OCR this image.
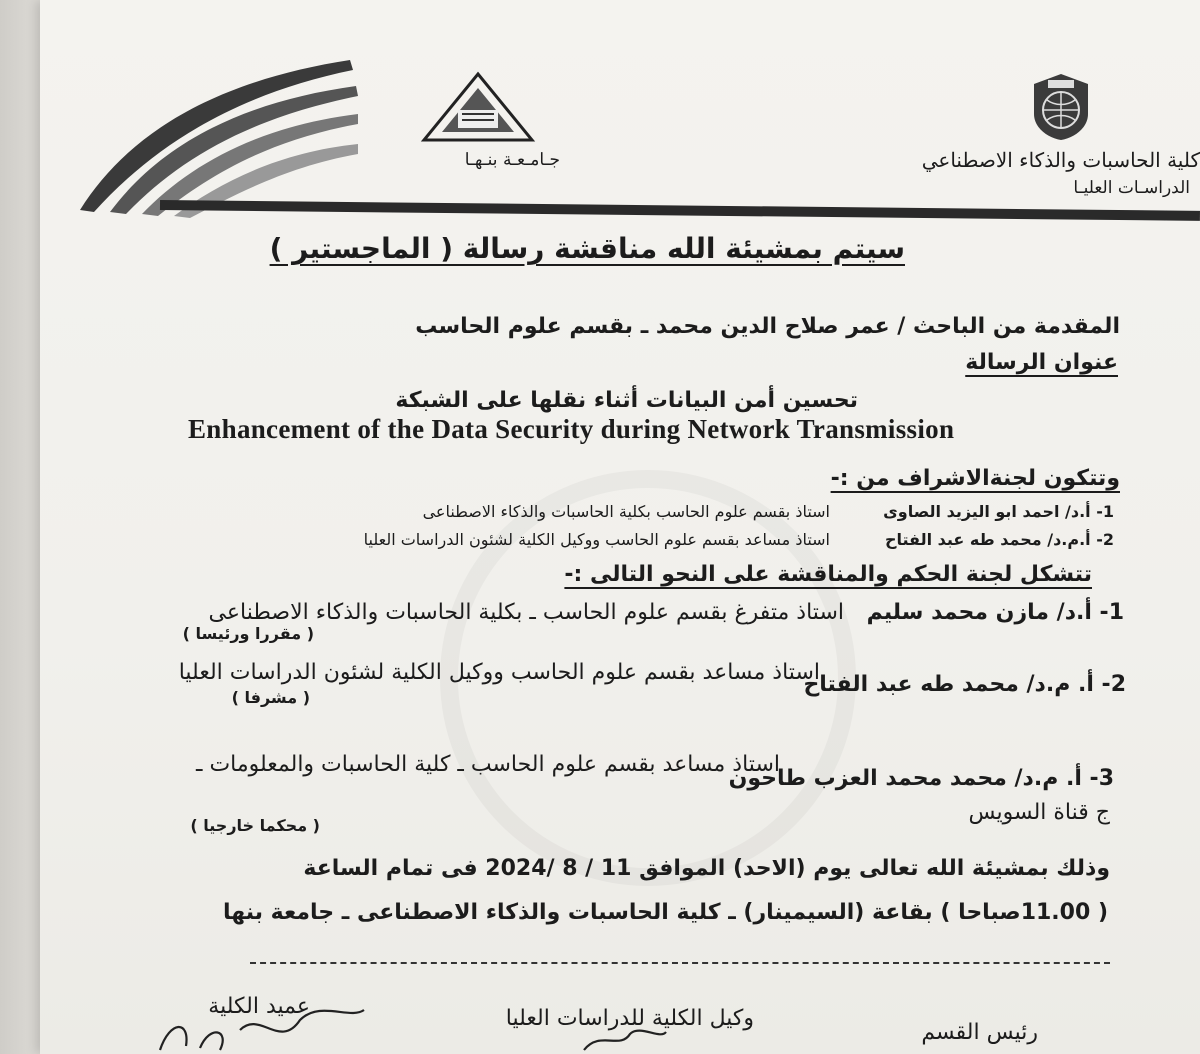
جـامـعـة بنـهـا	كلية الحاسبات والذكاء الاصطناعي
الدراسـات العليـا
سيتم بمشيئة الله مناقشة رسالة ( الماجستير )
المقدمة من الباحث / عمر صلاح الدين محمد ـ بقسم علوم الحاسب
عنوان الرسالة
تحسين أمن البيانات أثناء نقلها على الشبكة
Enhancement of the Data Security during Network Transmission
وتتكون لجنةالاشراف من :-
1- أ.د/ احمد ابو اليزيد الصاوى
استاذ بقسم علوم الحاسب بكلية الحاسبات والذكاء الاصطناعى
2- أ.م.د/ محمد طه عبد الفتاح
استاذ مساعد بقسم علوم الحاسب ووكيل الكلية لشئون الدراسات العليا
تتشكل لجنة الحكم والمناقشة على النحو التالى :-
1- أ.د/ مازن محمد سليم
استاذ متفرغ بقسم علوم الحاسب ـ بكلية الحاسبات والذكاء الاصطناعى
( مقررا ورئيسا )
2- أ. م.د/ محمد طه عبد الفتاح
استاذ مساعد بقسم علوم الحاسب ووكيل الكلية لشئون الدراسات العليا
( مشرفا )
3- أ. م.د/ محمد محمد العزب طاحون
استاذ مساعد بقسم علوم الحاسب ـ كلية الحاسبات والمعلومات ـ
ج قناة السويس
( محكما خارجيا )
وذلك بمشيئة الله تعالى يوم (الاحد) الموافق 11 / 8 /2024 فى تمام الساعة
( 11.00صباحا ) بقاعة (السيمينار) ـ كلية الحاسبات والذكاء الاصطناعى ـ جامعة بنها
عميد الكلية	وكيل الكلية للدراسات العليا
رئيس القسم
